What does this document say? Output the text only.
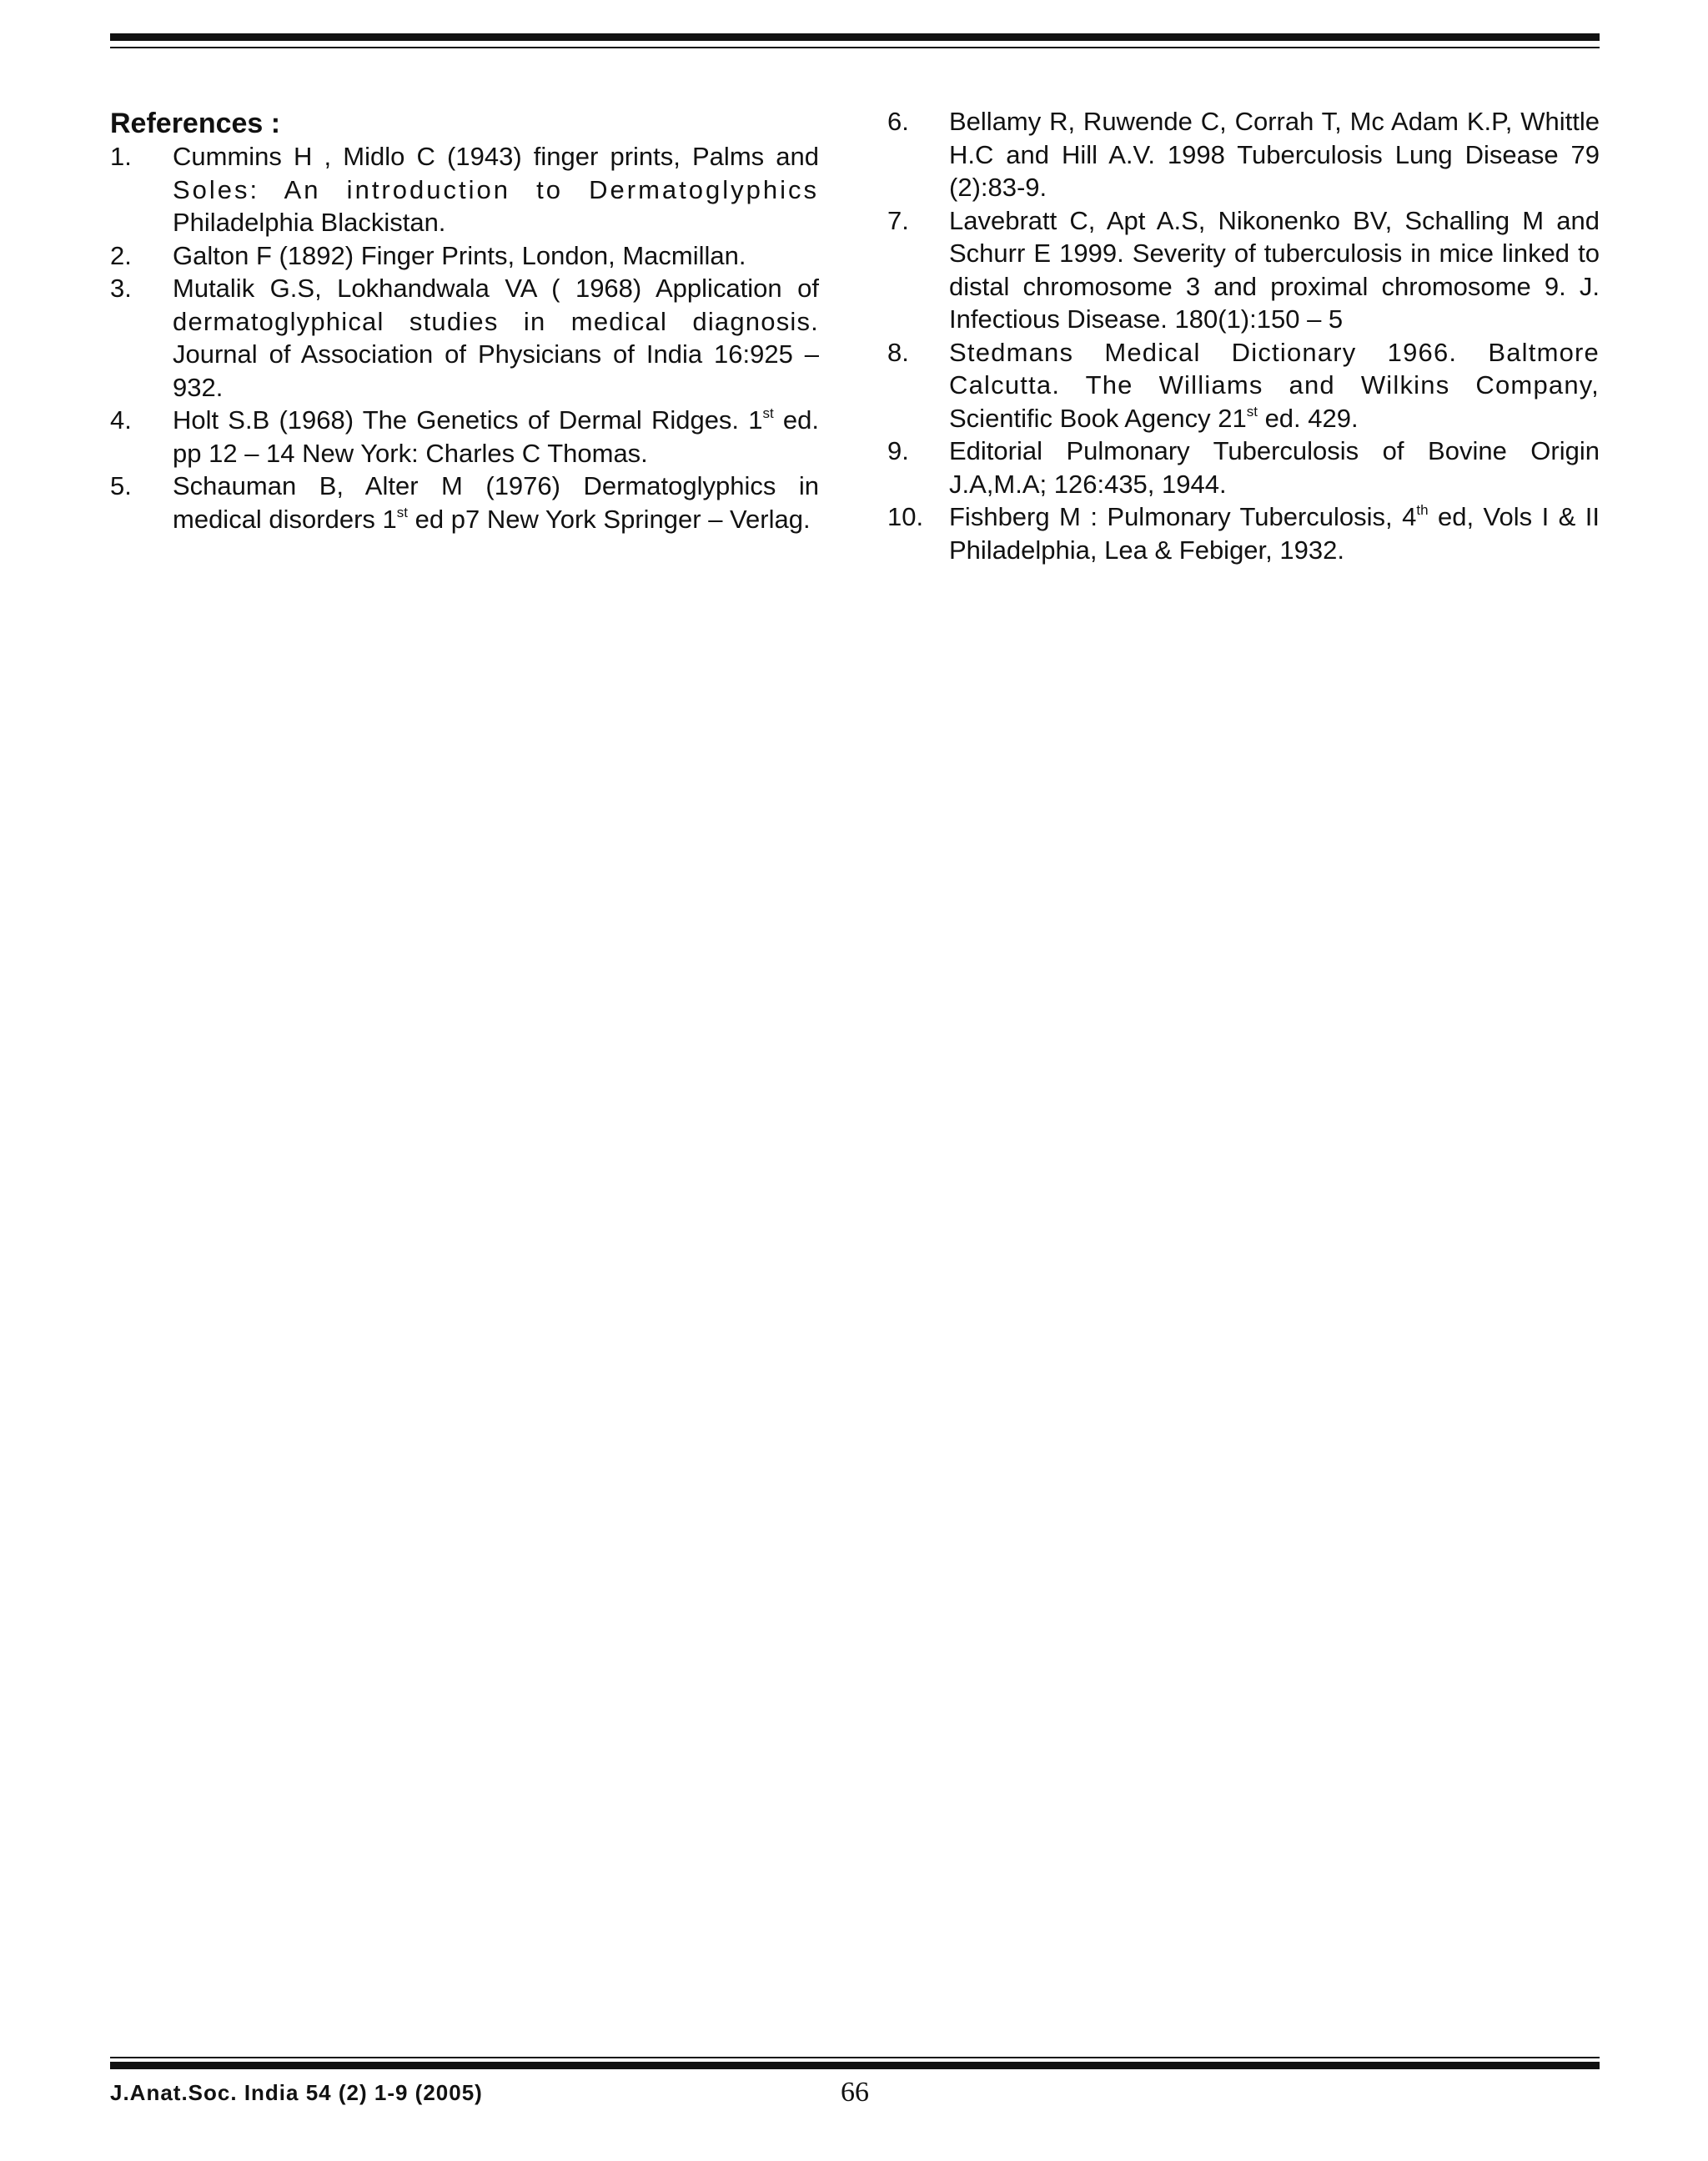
References :
1. Cummins H , Midlo C (1943) finger prints, Palms and Soles: An introduction to Dermatoglyphics Philadelphia Blackistan.
2. Galton F (1892) Finger Prints, London, Macmillan.
3. Mutalik G.S, Lokhandwala VA ( 1968) Application of dermatoglyphical studies in medical diagnosis. Journal of Association of Physicians of India 16:925 –932.
4. Holt S.B (1968) The Genetics of Dermal Ridges. 1st ed. pp 12 – 14 New York: Charles C Thomas.
5. Schauman B, Alter M (1976) Dermatoglyphics in medical disorders 1st ed p7 New York Springer – Verlag.
6. Bellamy R, Ruwende C, Corrah T, Mc Adam K.P, Whittle H.C and Hill A.V. 1998 Tuberculosis Lung Disease 79 (2):83-9.
7. Lavebratt C, Apt A.S, Nikonenko BV, Schalling M and Schurr E 1999. Severity of tuberculosis in mice linked to distal chromosome 3 and proximal chromosome 9. J. Infectious Disease. 180(1):150 – 5
8. Stedmans Medical Dictionary 1966. Baltmore Calcutta. The Williams and Wilkins Company, Scientific Book Agency 21st ed. 429.
9. Editorial Pulmonary Tuberculosis of Bovine Origin J.A,M.A; 126:435, 1944.
10. Fishberg M : Pulmonary Tuberculosis, 4th ed, Vols I & II Philadelphia, Lea & Febiger, 1932.
J.Anat.Soc. India 54 (2) 1-9 (2005)	66
